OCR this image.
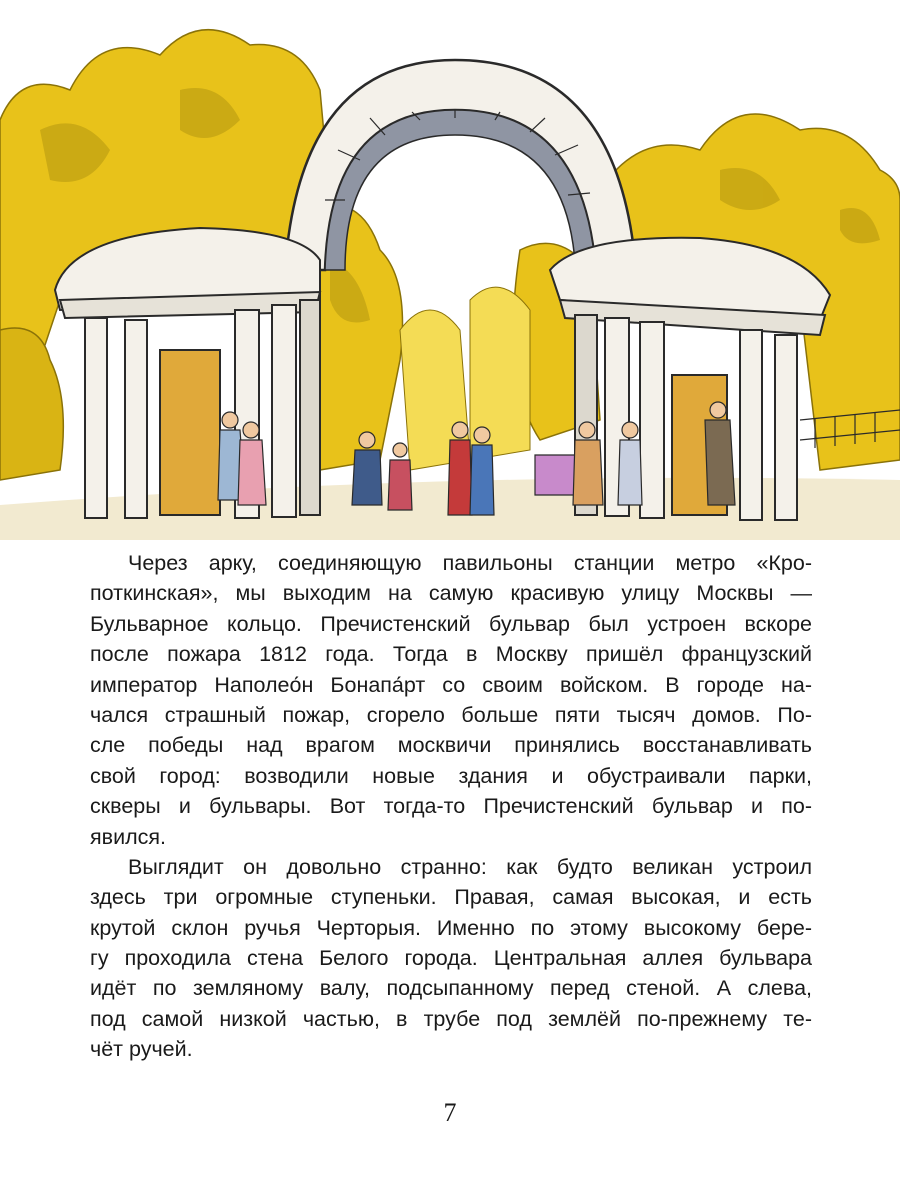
Через арку, соединяющую павильоны станции метро «Кро-
поткинская», мы выходим на самую красивую улицу Москвы —
Бульварное кольцо. Пречистенский бульвар был устроен вскоре
после пожара 1812 года. Тогда в Москву пришёл французский
император Наполео́н Бонапа́рт со своим войском. В городе на-
чался страшный пожар, сгорело больше пяти тысяч домов. По-
сле победы над врагом москвичи принялись восстанавливать
свой город: возводили новые здания и обустраивали парки,
скверы и бульвары. Вот тогда-то Пречистенский бульвар и по-
явился.
Выглядит он довольно странно: как будто великан устроил
здесь три огромные ступеньки. Правая, самая высокая, и есть
крутой склон ручья Черторыя. Именно по этому высокому бере-
гу проходила стена Белого города. Центральная аллея бульвара
идёт по земляному валу, подсыпанному перед стеной. А слева,
под самой низкой частью, в трубе под землёй по-прежнему те-
чёт ручей.
7
